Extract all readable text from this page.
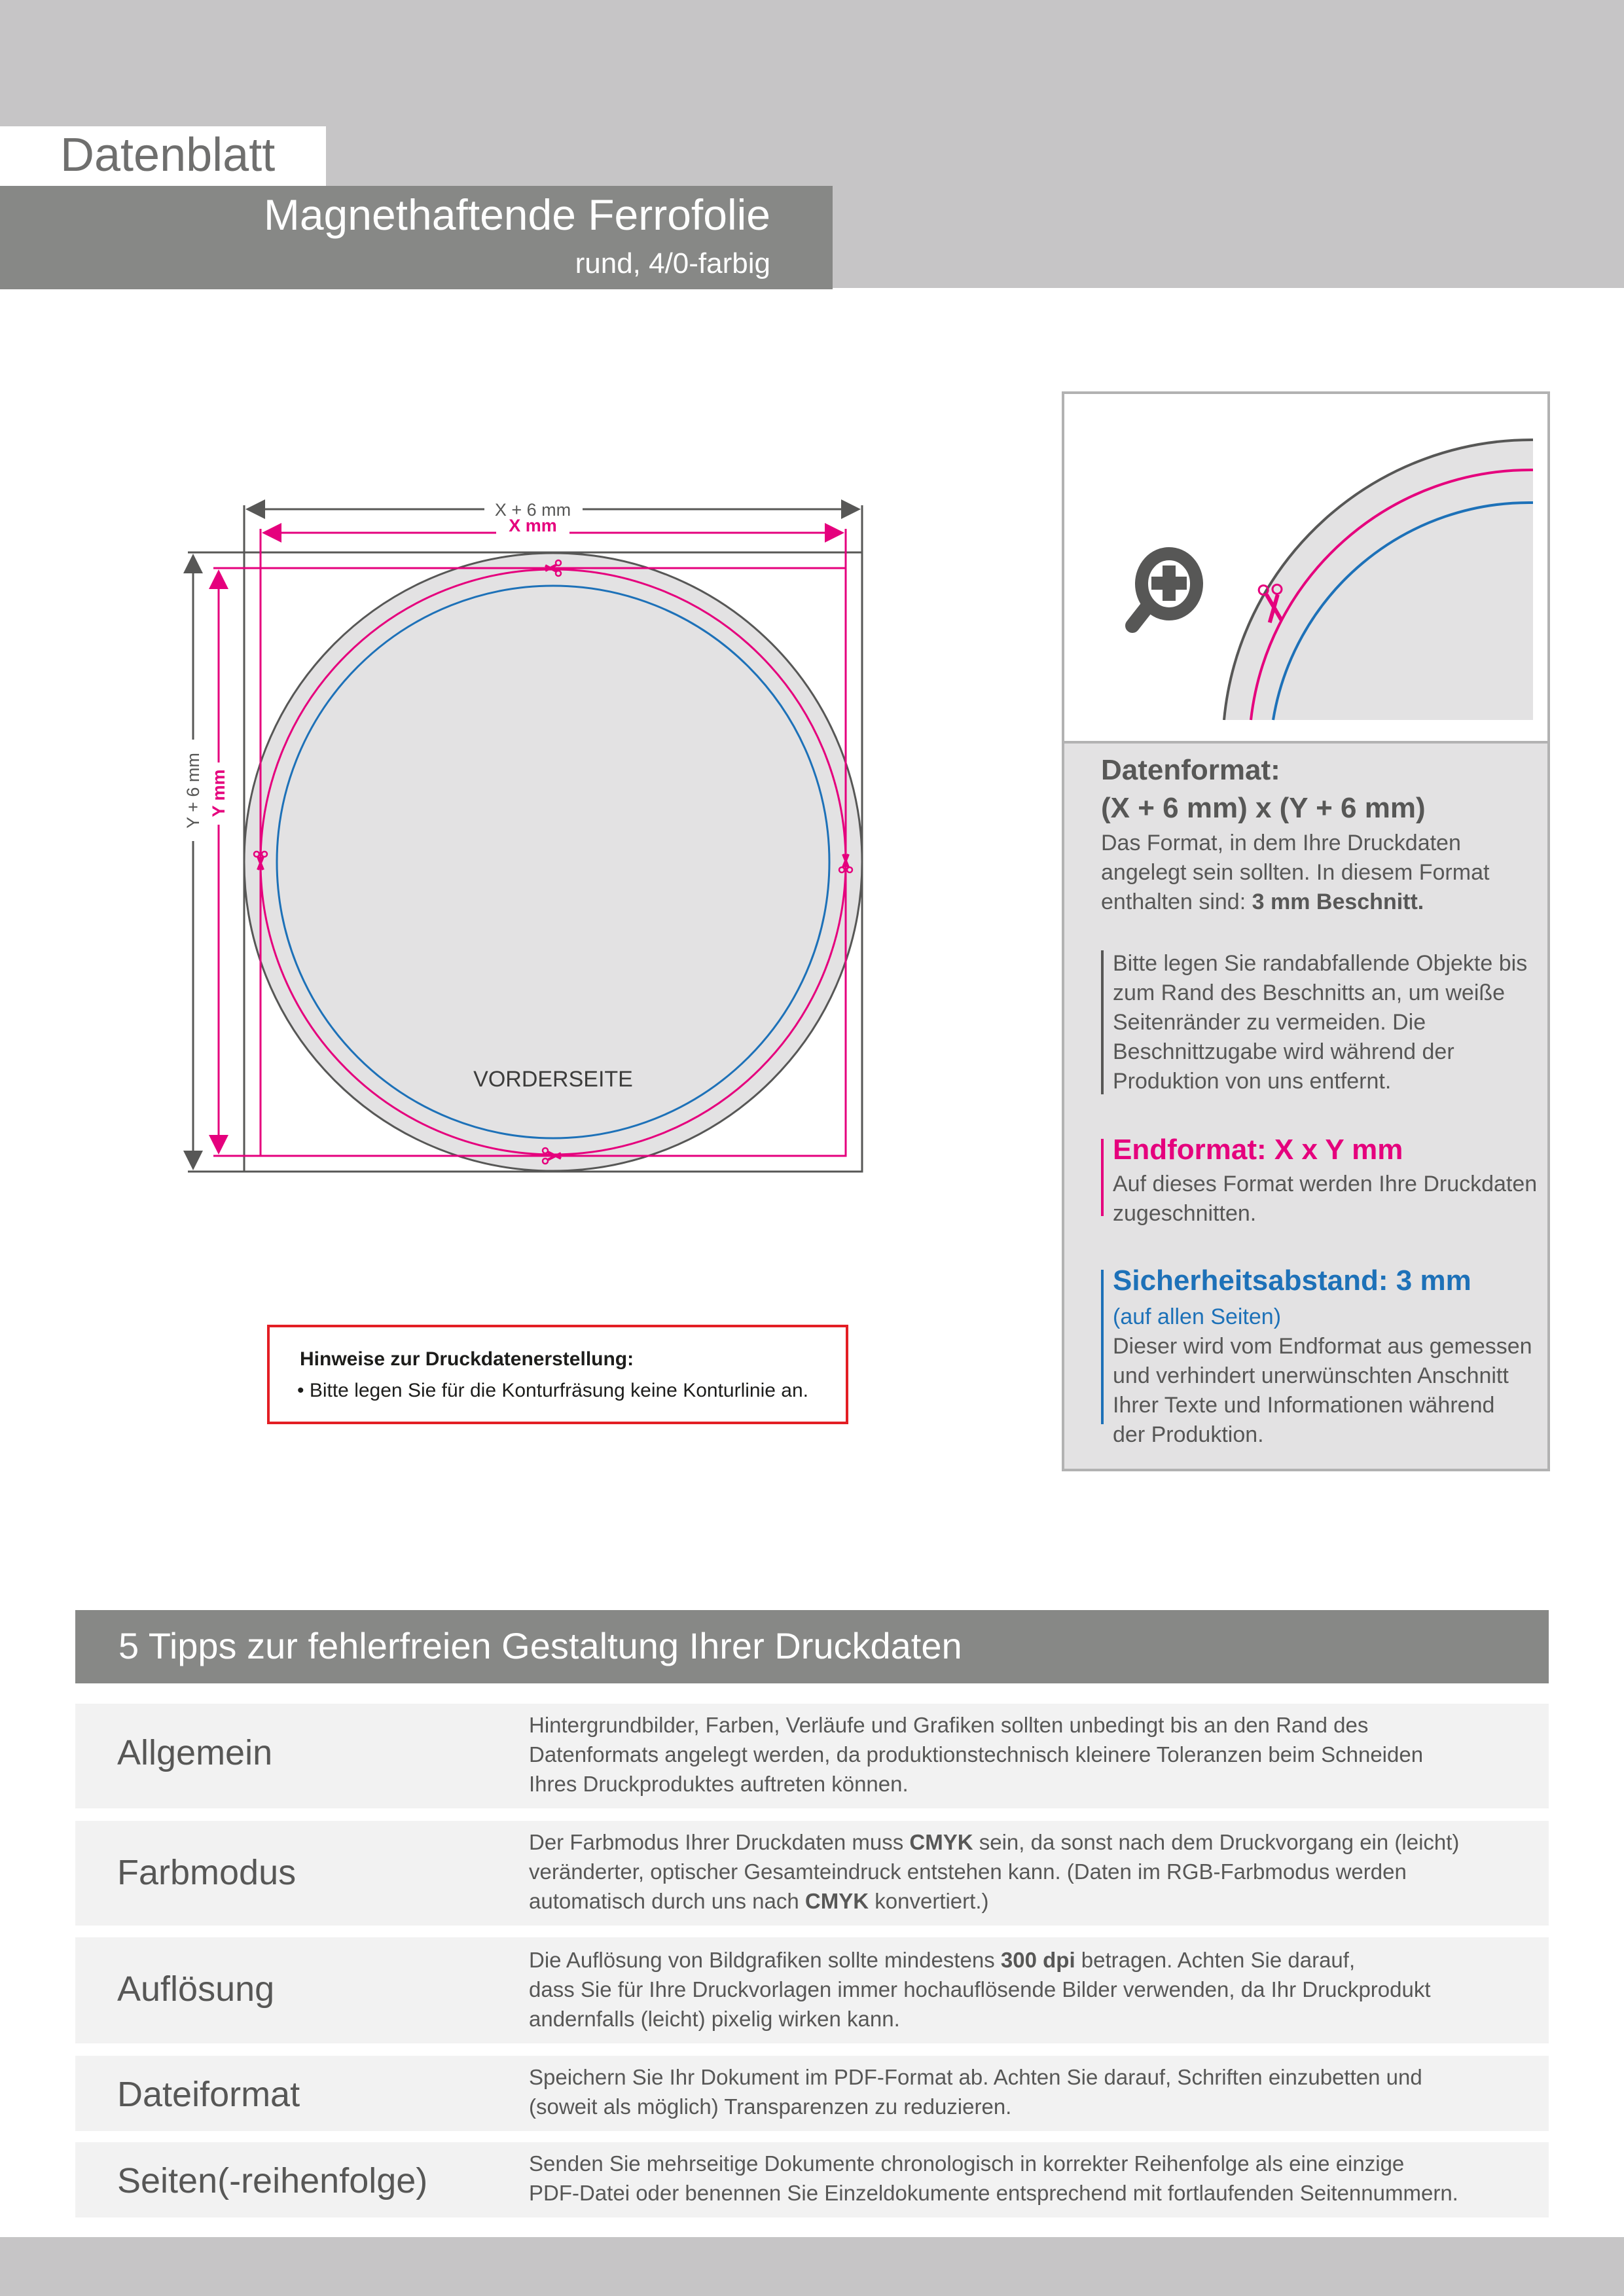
Datenblatt
Magnethaftende Ferrofolie
rund, 4/0-farbig
X + 6 mm
X mm
Y + 6 mm Y mm
VORDERSEITE
Hinweise zur Druckdatenerstellung:
• Bitte legen Sie für die Konturfräsung keine Konturlinie an.
Datenformat:
(X + 6 mm) x (Y + 6 mm)
Das Format, in dem Ihre Druckdaten
angelegt sein sollten. In diesem Format
enthalten sind: 3 mm Beschnitt.
Bitte legen Sie randabfallende Objekte bis
zum Rand des Beschnitts an, um weiße
Seitenränder zu vermeiden. Die
Beschnittzugabe wird während der
Produktion von uns entfernt.
Endformat: X x Y mm
Auf dieses Format werden Ihre Druckdaten
zugeschnitten.
Sicherheitsabstand: 3 mm
(auf allen Seiten)
Dieser wird vom Endformat aus gemessen
und verhindert unerwünschten Anschnitt
Ihrer Texte und Informationen während
der Produktion.
5 Tipps zur fehlerfreien Gestaltung Ihrer Druckdaten
Allgemein
Hintergrundbilder, Farben, Verläufe und Grafiken sollten unbedingt bis an den Rand des
Datenformats angelegt werden, da produktionstechnisch kleinere Toleranzen beim Schneiden
Ihres Druckproduktes auftreten können.
Farbmodus
Der Farbmodus Ihrer Druckdaten muss CMYK sein, da sonst nach dem Druckvorgang ein (leicht)
veränderter, optischer Gesamteindruck entstehen kann. (Daten im RGB-Farbmodus werden
automatisch durch uns nach CMYK konvertiert.)
Auflösung
Die Auflösung von Bildgrafiken sollte mindestens 300 dpi betragen. Achten Sie darauf,
dass Sie für Ihre Druckvorlagen immer hochauflösende Bilder verwenden, da Ihr Druckprodukt
andernfalls (leicht) pixelig wirken kann.
Dateiformat	Speichern Sie Ihr Dokument im PDF-Format ab. Achten Sie darauf, Schriften einzubetten und
(soweit als möglich) Transparenzen zu reduzieren.
Seiten(-reihenfolge)	Senden Sie mehrseitige Dokumente chronologisch in korrekter Reihenfolge als eine einzige
PDF-Datei oder benennen Sie Einzeldokumente entsprechend mit fortlaufenden Seitennummern.
